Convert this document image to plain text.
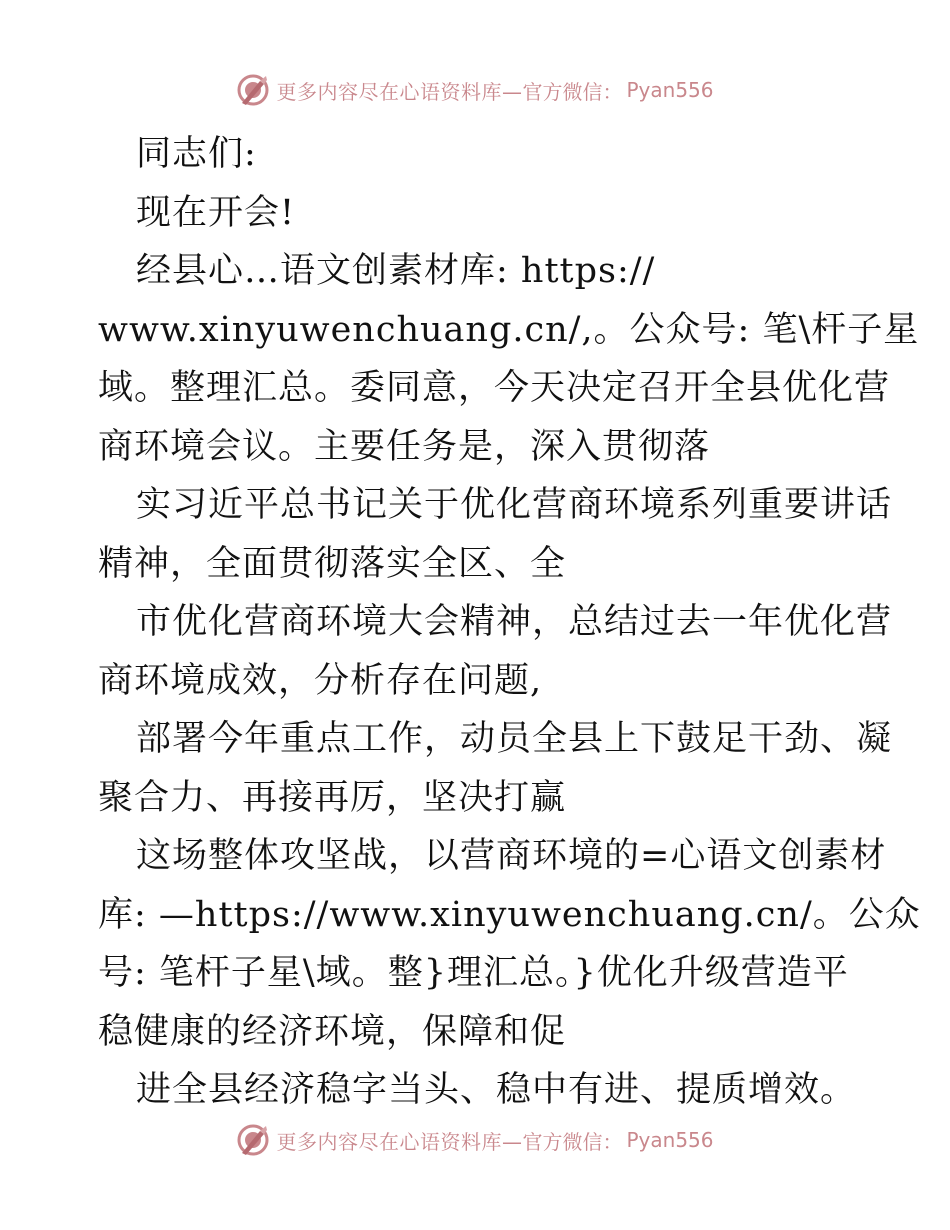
更多内容尽在心语资料库— 官方微信： Pyan556
同志们:
现在开会!
经县心…语文创素材库: https://
www.xinyuwenchuang.cn/,。公众号: 笔\杆子星
域。整理汇总。委同意，今天决定召开全县优化营
商环境会议。主要任务是，深入贯彻落
实习近平总书记关于优化营商环境系列重要讲话
精神，全面贯彻落实全区、全
市优化营商环境大会精神，总结过去一年优化营
商环境成效，分析存在问题,
部署今年重点工作，动员全县上下鼓足干劲、凝
聚合力、再接再厉，坚决打赢
这场整体攻坚战，以营商环境的=心语文创素材
库: —https://www.xinyuwenchuang.cn/。公众
号: 笔杆子星\域。整}理汇总。}优化升级营造平
稳健康的经济环境，保障和促
进全县经济稳字当头、稳中有进、提质增效。
更多内容尽在心语资料库— 官方微信： Pyan556
